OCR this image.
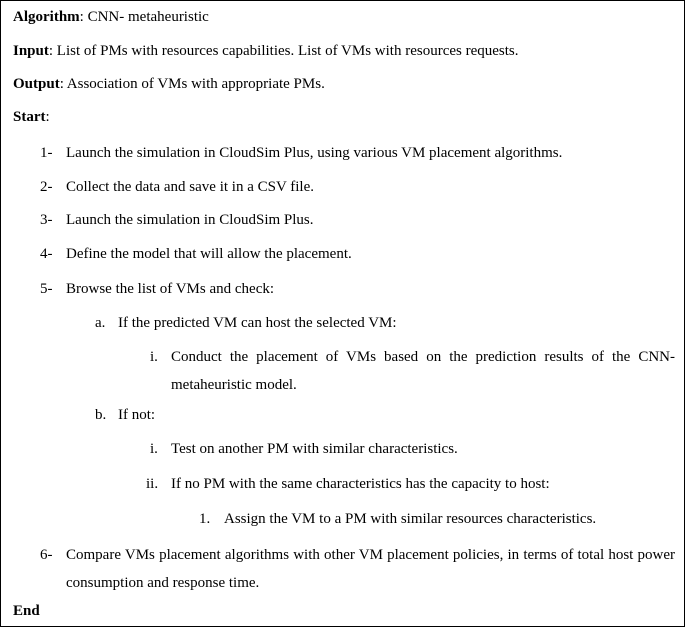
Algorithm: CNN- metaheuristic
Input: List of PMs with resources capabilities. List of VMs with resources requests.
Output: Association of VMs with appropriate PMs.
Start:
1- Launch the simulation in CloudSim Plus, using various VM placement algorithms.
2- Collect the data and save it in a CSV file.
3- Launch the simulation in CloudSim Plus.
4- Define the model that will allow the placement.
5- Browse the list of VMs and check:
a. If the predicted VM can host the selected VM:
i. Conduct the placement of VMs based on the prediction results of the CNN-metaheuristic model.
b. If not:
i. Test on another PM with similar characteristics.
ii. If no PM with the same characteristics has the capacity to host:
1. Assign the VM to a PM with similar resources characteristics.
6- Compare VMs placement algorithms with other VM placement policies, in terms of total host power consumption and response time.
End
